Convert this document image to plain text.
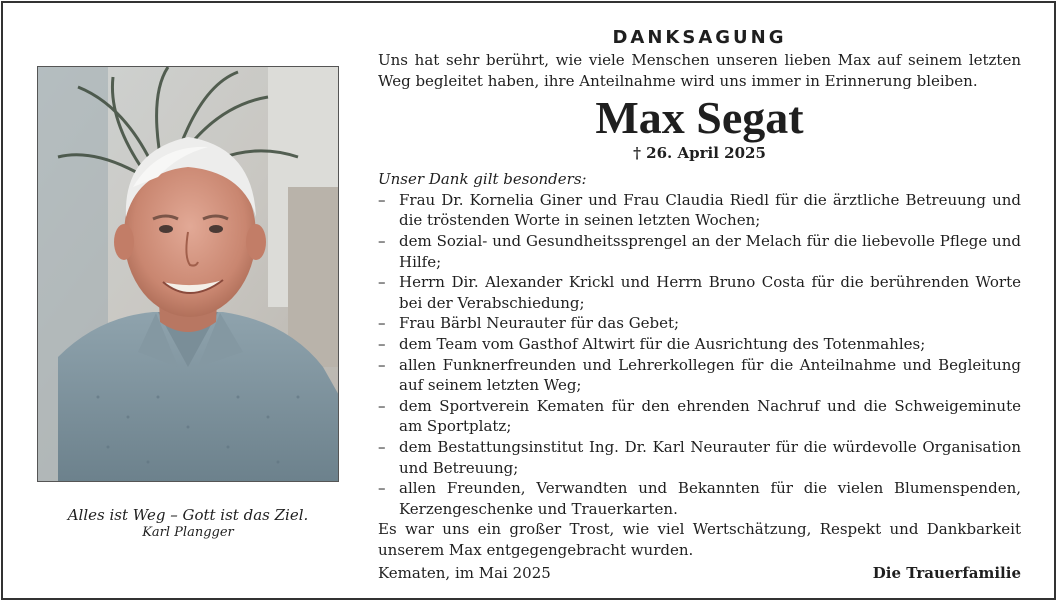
Alles ist Weg – Gott ist das Ziel.
Karl Plangger
DANKSAGUNG
Uns hat sehr berührt, wie viele Menschen unseren lieben Max auf seinem letzten Weg begleitet haben, ihre Anteilnahme wird uns immer in Erinnerung bleiben.
Max Segat
† 26. April 2025
Unser Dank gilt besonders:
– Frau Dr. Kornelia Giner und Frau Claudia Riedl für die ärztliche Betreuung und die tröstenden Worte in seinen letzten Wochen;
– dem Sozial- und Gesundheitssprengel an der Melach für die liebevolle Pflege und Hilfe;
– Herrn Dir. Alexander Krickl und Herrn Bruno Costa für die berührenden Worte bei der Verabschiedung;
– Frau Bärbl Neurauter für das Gebet;
– dem Team vom Gasthof Altwirt für die Ausrichtung des Totenmahles;
– allen Funknerfreunden und Lehrerkollegen für die Anteilnahme und Begleitung auf seinem letzten Weg;
– dem Sportverein Kematen für den ehrenden Nachruf und die Schweigeminute am Sportplatz;
– dem Bestattungsinstitut Ing. Dr. Karl Neurauter für die würdevolle Organisation und Betreuung;
– allen Freunden, Verwandten und Bekannten für die vielen Blumenspenden, Kerzengeschenke und Trauerkarten.
Es war uns ein großer Trost, wie viel Wertschätzung, Respekt und Dankbarkeit unserem Max entgegengebracht wurden.
Kematen, im Mai 2025	Die Trauerfamilie
